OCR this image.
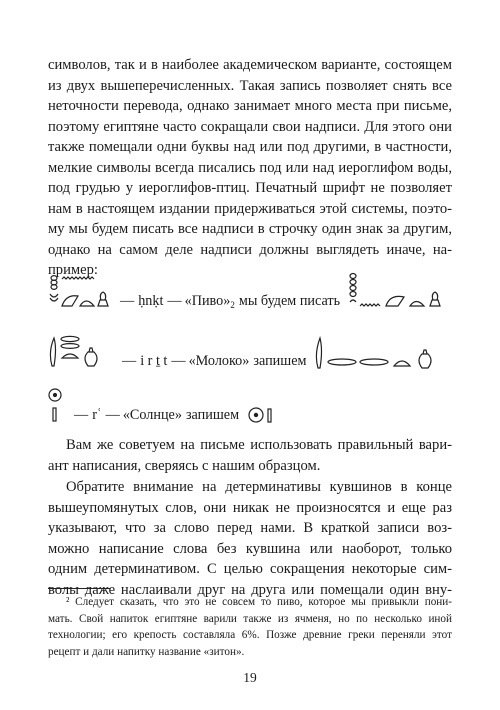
символов, так и в наиболее академическом варианте, состоящем
из двух вышеперечисленных. Такая запись позволяет снять все
неточности перевода, однако занимает много места при письме,
поэтому египтяне часто сокращали свои надписи. Для этого они
также помещали одни буквы над или под другими, в частности,
мелкие символы всегда писались под или над иероглифом воды,
под грудью у иероглифов-птиц. Печатный шрифт не позволяет
нам в настоящем издании придерживаться этой системы, поэто-
му мы будем писать все надписи в строчку один знак за другим,
однако на самом деле надписи должны выглядеть иначе, на-
пример:
— ḥnḳt — «Пиво» 2 мы будем писать
— i r ṯ t — «Молоко» запишем
— rʿ — «Солнце» запишем
Вам же советуем на письме использовать правильный вари-
ант написания, сверяясь с нашим образцом.
Обратите внимание на детерминативы кувшинов в конце
вышеупомянутых слов, они никак не произносятся и еще раз
указывают, что за слово перед нами. В краткой записи воз-
можно написание слова без кувшина или наоборот, только
одним детерминативом. С целью сокращения некоторые сим-
волы даже наслаивали друг на друга или помещали один вну-
² Следует сказать, что это не совсем то пиво, которое мы привыкли пони-
мать. Свой напиток египтяне варили также из ячменя, но по несколько иной
технологии; его крепость составляла 6%. Позже древние греки переняли этот
рецепт и дали напитку название «зитон».
19
